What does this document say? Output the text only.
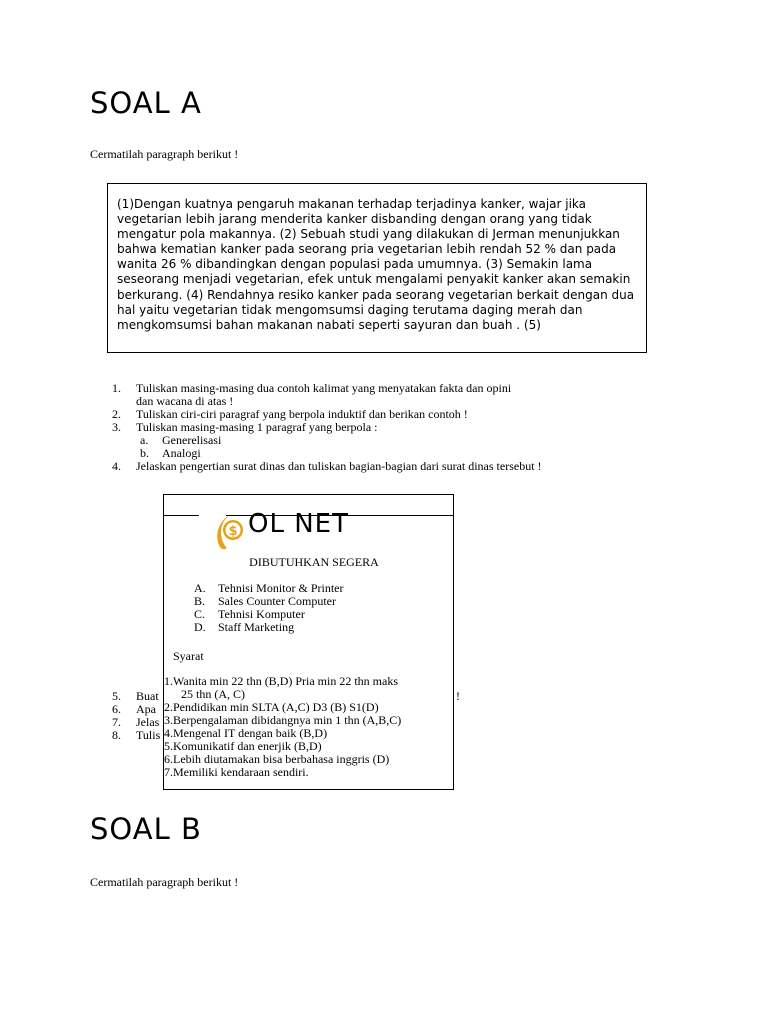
SOAL A

Cermatilah paragraph berikut !

(1)Dengan kuatnya pengaruh makanan terhadap terjadinya kanker, wajar jika vegetarian lebih jarang menderita kanker disbanding dengan orang yang tidak mengatur pola makannya. (2) Sebuah studi yang dilakukan di Jerman menunjukkan bahwa kematian kanker pada seorang pria vegetarian lebih rendah 52 % dan pada wanita 26 % dibandingkan dengan populasi pada umumnya. (3) Semakin lama seseorang menjadi vegetarian, efek untuk mengalami penyakit kanker akan semakin berkurang. (4) Rendahnya resiko kanker pada seorang vegetarian berkait dengan dua hal yaitu vegetarian tidak mengomsumsi daging terutama daging merah dan mengkomsumsi bahan makanan nabati seperti sayuran dan buah . (5)

1. Tuliskan masing-masing dua contoh kalimat yang menyatakan fakta dan opini
dan wacana di atas !
2. Tuliskan ciri-ciri paragraf yang berpola induktif dan berikan contoh !
3. Tuliskan masing-masing 1 paragraf yang berpola :
a. Generelisasi
b. Analogi
4. Jelaskan pengertian surat dinas dan tuliskan bagian-bagian dari surat dinas tersebut !
5. Buat
6. Apa
7. Jelas
8. Tulis
!
$ OL NET

DIBUTUHKAN SEGERA

A. Tehnisi Monitor & Printer
B. Sales Counter Computer
C. Tehnisi Komputer
D. Staff Marketing

Syarat

1. Wanita min 22 thn (B,D) Pria min 22 thn maks
25 thn (A, C)
2. Pendidikan min SLTA (A,C) D3 (B) S1(D)
3. Berpengalaman dibidangnya min 1 thn (A,B,C)
4. Mengenal IT dengan baik (B,D)
5. Komunikatif dan enerjik (B,D)
6. Lebih diutamakan bisa berbahasa inggris (D)
7. Memiliki kendaraan sendiri.
SOAL B

Cermatilah paragraph berikut !
